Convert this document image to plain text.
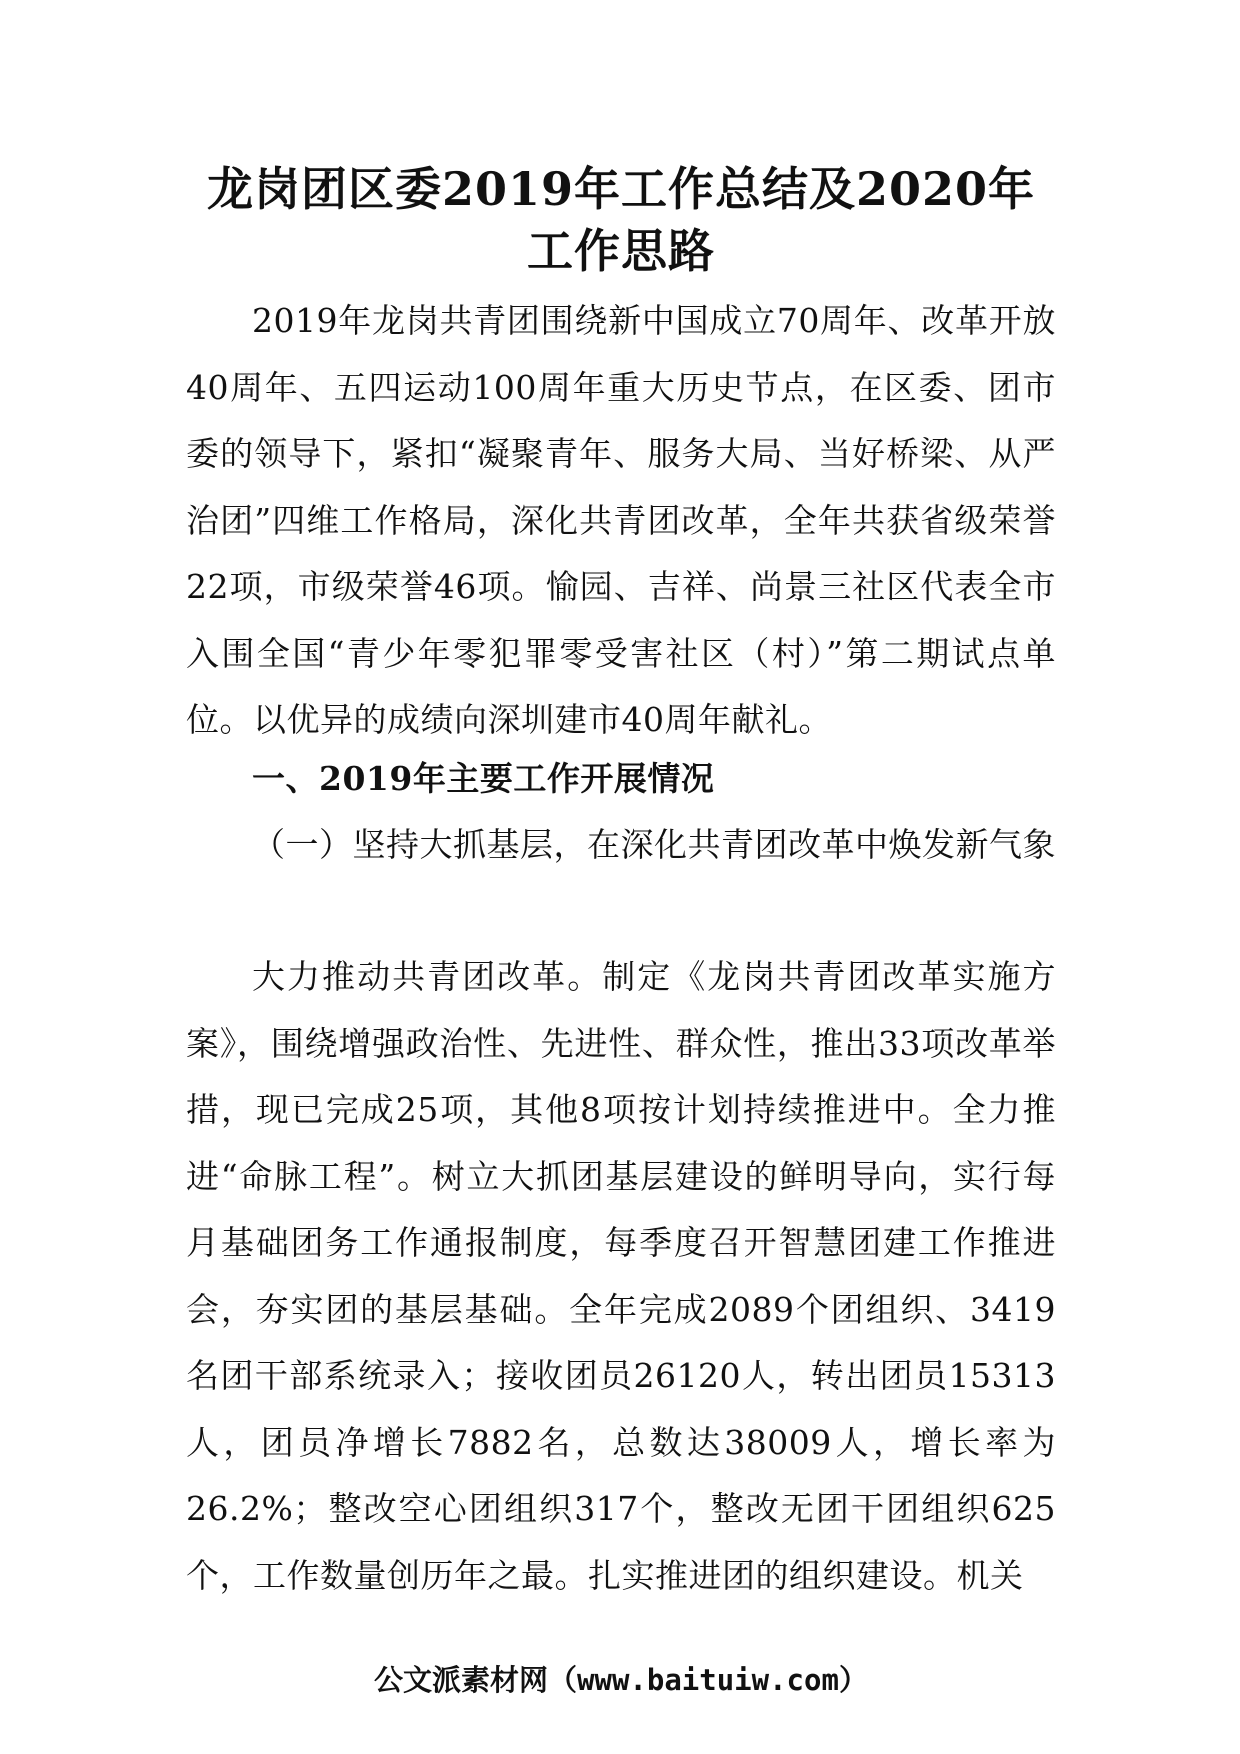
龙岗团区委2019年工作总结及2020年工作思路

2019年龙岗共青团围绕新中国成立70周年、改革开放40周年、五四运动100周年重大历史节点，在区委、团市委的领导下，紧扣“凝聚青年、服务大局、当好桥梁、从严治团”四维工作格局，深化共青团改革，全年共获省级荣誉22项，市级荣誉46项。愉园、吉祥、尚景三社区代表全市入围全国“青少年零犯罪零受害社区（村）”第二期试点单位。以优异的成绩向深圳建市40周年献礼。

一、2019年主要工作开展情况

（一）坚持大抓基层，在深化共青团改革中焕发新气象

大力推动共青团改革。制定《龙岗共青团改革实施方案》，围绕增强政治性、先进性、群众性，推出33项改革举措，现已完成25项，其他8项按计划持续推进中。全力推进“命脉工程”。树立大抓团基层建设的鲜明导向，实行每月基础团务工作通报制度，每季度召开智慧团建工作推进会，夯实团的基层基础。全年完成2089个团组织、3419名团干部系统录入；接收团员26120人，转出团员15313人，团员净增长7882名，总数达38009人，增长率为26.2%；整改空心团组织317个，整改无团干团组织625个，工作数量创历年之最。扎实推进团的组织建设。机关

公文派素材网（www.baituiw.com）
